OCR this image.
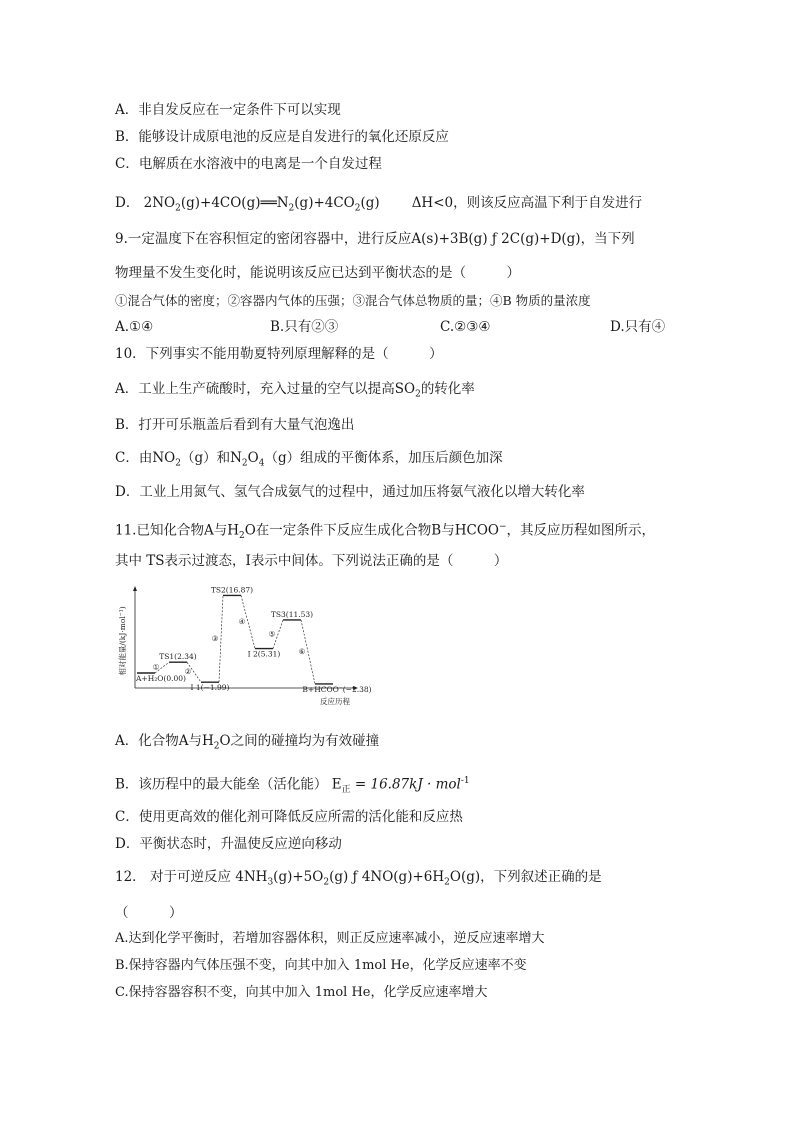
A．非自发反应在一定条件下可以实现
B．能够设计成原电池的反应是自发进行的氧化还原反应
C．电解质在水溶液中的电离是一个自发过程
D． $2NO_2(g)+4CO(g)══N_2(g)+4CO_2(g)$ ΔH<0，则该反应高温下利于自发进行
9.一定温度下在容积恒定的密闭容器中，进行反应A(s)+3B(g) ƒ 2C(g)+D(g)，当下列
物理量不发生变化时，能说明该反应已达到平衡状态的是（　　　）
①混合气体的密度；②容器内气体的压强；③混合气体总物质的量；④B 物质的量浓度
A.①④	B.只有②③	C.②③④	D.只有④
10．下列事实不能用勒夏特列原理解释的是（　　　）
A．工业上生产硫酸时，充入过量的空气以提高$SO_2$的转化率
B．打开可乐瓶盖后看到有大量气泡逸出
C．由$NO_2(g)$和$N_2O_4(g)$组成的平衡体系，加压后颜色加深
D．工业上用氮气、氢气合成氨气的过程中，通过加压将氨气液化以增大转化率
11.已知化合物A与$H_2O$在一定条件下反应生成化合物B与HCOO−，其反应历程如图所示，
其中 TS表示过渡态，I表示中间体。下列说法正确的是（　　　）
相对能量/(kJ·mol⁻¹)
反应历程
A+H₂O(0.00)
①
TS1(2.34)
②
I 1(−1.99)
③
TS2(16.87)
④
I 2(5.31)
⑤
TS3(11.53)
⑥
B+HCOO⁻(−2.38)
A．化合物A与$H_2O$之间的碰撞均为有效碰撞
B．该历程中的最大能垒（活化能） $E_正 = 16.87kJ \cdot mol^{-1}$
C．使用更高效的催化剂可降低反应所需的活化能和反应热
D．平衡状态时，升温使反应逆向移动
12． 对于可逆反应 $4NH_3(g)+5O_2(g)$ ƒ $4NO(g)+6H_2O(g)$，下列叙述正确的是
（　　　）
A.达到化学平衡时，若增加容器体积，则正反应速率减小，逆反应速率增大
B.保持容器内气体压强不变，向其中加入 1mol He，化学反应速率不变
C.保持容器容积不变，向其中加入 1mol He，化学反应速率增大
